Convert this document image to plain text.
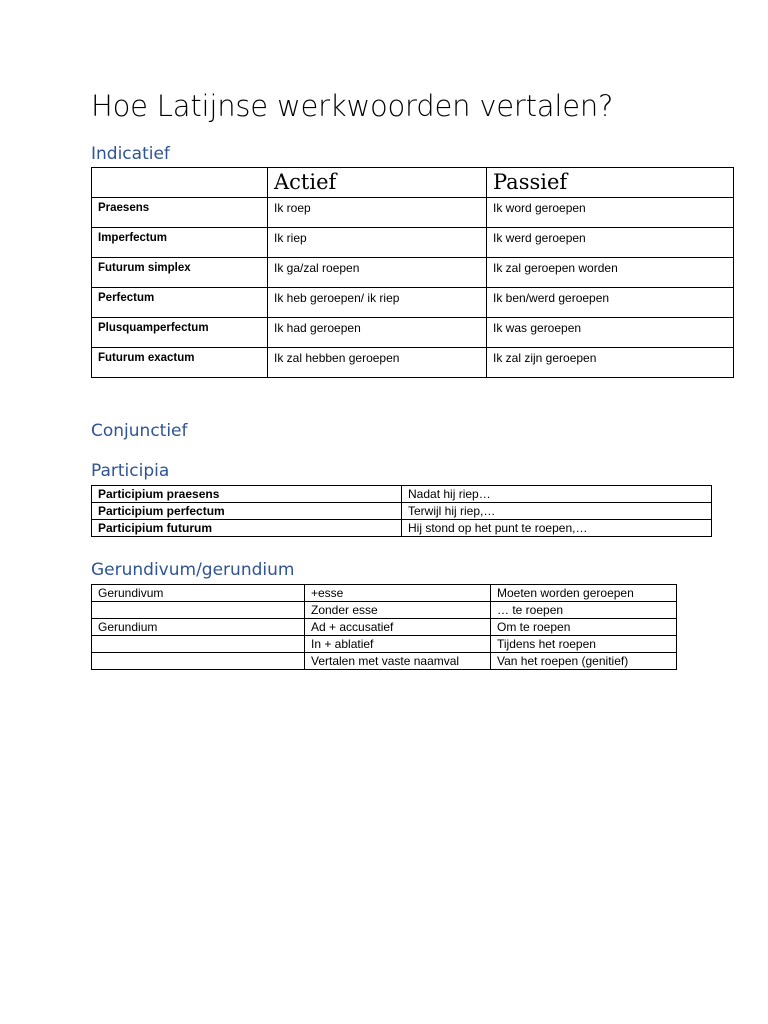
Hoe Latijnse werkwoorden vertalen?
Indicatief
	Actief	Passief
Praesens	Ik roep	Ik word geroepen
Imperfectum	Ik riep	Ik werd geroepen
Futurum simplex	Ik ga/zal roepen	Ik zal geroepen worden
Perfectum	Ik heb geroepen/ ik riep	Ik ben/werd geroepen
Plusquamperfectum	Ik had geroepen	Ik was geroepen
Futurum exactum	Ik zal hebben geroepen	Ik zal zijn geroepen
Conjunctief
Participia
Participium praesens	Nadat hij riep…
Participium perfectum	Terwijl hij riep,…
Participium futurum	Hij stond op het punt te roepen,…
Gerundivum/gerundium
Gerundivum	+esse	Moeten worden geroepen
	Zonder esse	… te roepen
Gerundium	Ad + accusatief	Om te roepen
	In + ablatief	Tijdens het roepen
	Vertalen met vaste naamval	Van het roepen (genitief)
